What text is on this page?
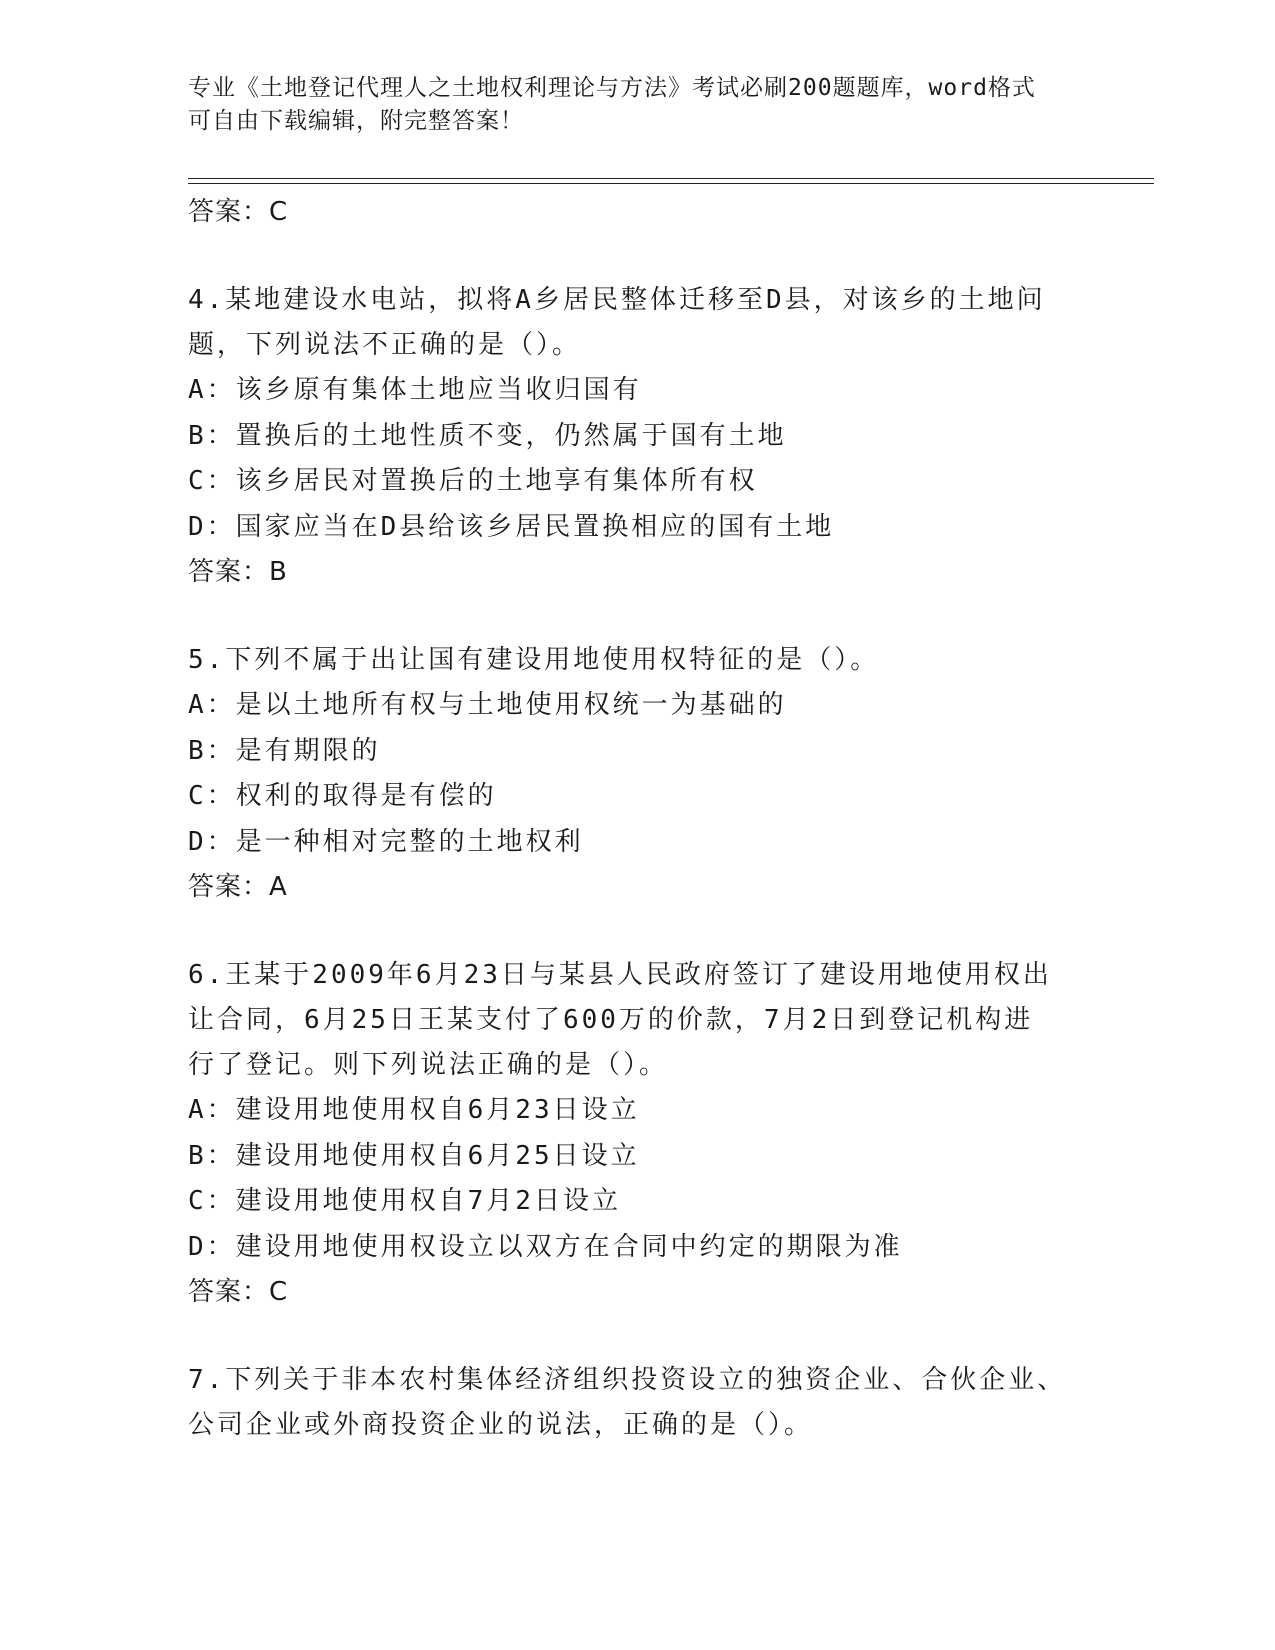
专业《土地登记代理人之土地权利理论与方法》考试必刷200题题库，word格式
可自由下载编辑，附完整答案！
答案：C
4.某地建设水电站，拟将A乡居民整体迁移至D县，对该乡的土地问
题，下列说法不正确的是（）。
A：该乡原有集体土地应当收归国有
B：置换后的土地性质不变，仍然属于国有土地
C：该乡居民对置换后的土地享有集体所有权
D：国家应当在D县给该乡居民置换相应的国有土地
答案：B
5.下列不属于出让国有建设用地使用权特征的是（）。
A：是以土地所有权与土地使用权统一为基础的
B：是有期限的
C：权利的取得是有偿的
D：是一种相对完整的土地权利
答案：A
6.王某于2009年6月23日与某县人民政府签订了建设用地使用权出
让合同，6月25日王某支付了600万的价款，7月2日到登记机构进
行了登记。则下列说法正确的是（）。
A：建设用地使用权自6月23日设立
B：建设用地使用权自6月25日设立
C：建设用地使用权自7月2日设立
D：建设用地使用权设立以双方在合同中约定的期限为准
答案：C
7.下列关于非本农村集体经济组织投资设立的独资企业、合伙企业、
公司企业或外商投资企业的说法，正确的是（）。
